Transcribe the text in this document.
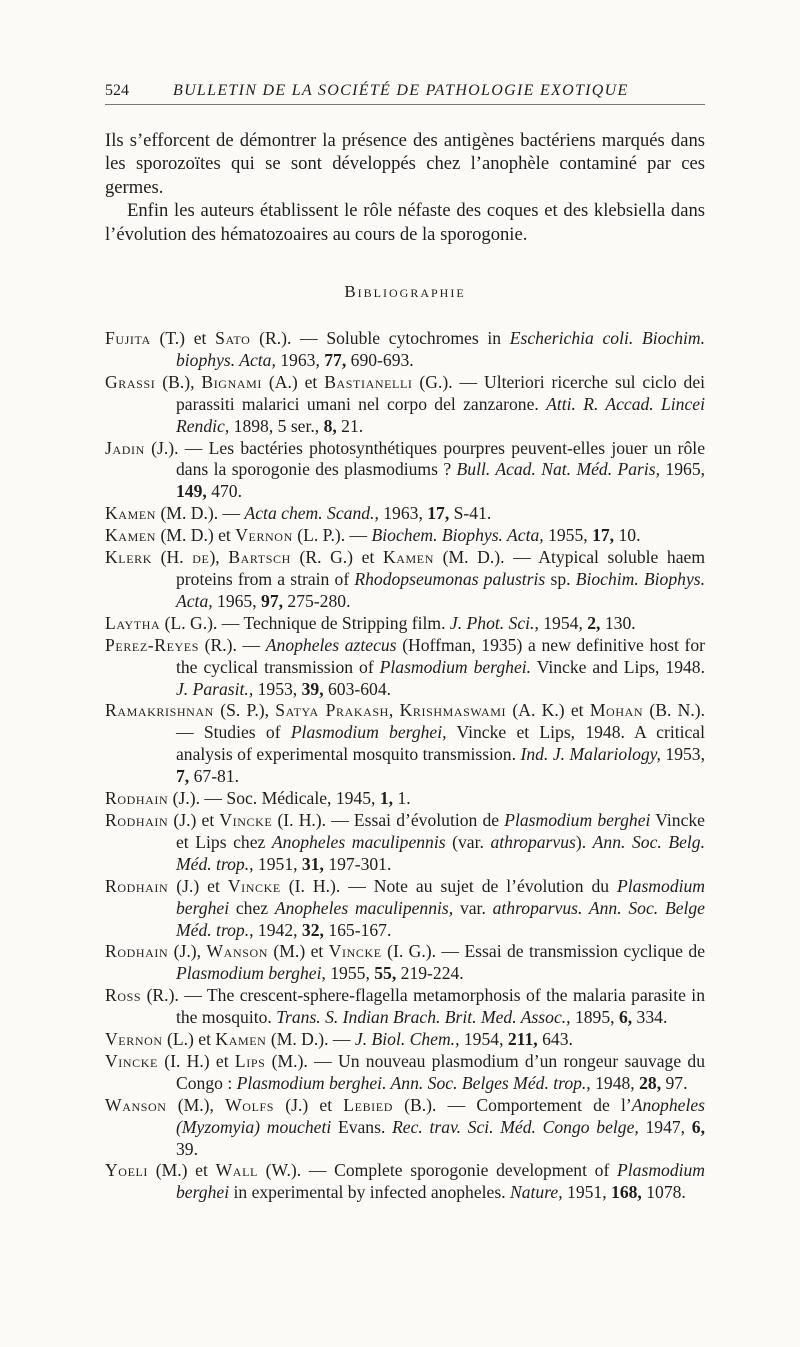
524	BULLETIN DE LA SOCIÉTÉ DE PATHOLOGIE EXOTIQUE

Ils s’efforcent de démontrer la présence des antigènes bactériens marqués dans les sporozoïtes qui se sont développés chez l’anophèle contaminé par ces germes.

Enfin les auteurs établissent le rôle néfaste des coques et des klebsiella dans l’évolution des hématozoaires au cours de la sporogonie.

Bibliographie

Fujita (T.) et Sato (R.). — Soluble cytochromes in Escherichia coli. Biochim. biophys. Acta, 1963, 77, 690-693.

Grassi (B.), Bignami (A.) et Bastianelli (G.). — Ulteriori ricerche sul ciclo dei parassiti malarici umani nel corpo del zanzarone. Atti. R. Accad. Lincei Rendic, 1898, 5 ser., 8, 21.

Jadin (J.). — Les bactéries photosynthétiques pourpres peuvent-elles jouer un rôle dans la sporogonie des plasmodiums ? Bull. Acad. Nat. Méd. Paris, 1965, 149, 470.

Kamen (M. D.). — Acta chem. Scand., 1963, 17, S-41.

Kamen (M. D.) et Vernon (L. P.). — Biochem. Biophys. Acta, 1955, 17, 10.

Klerk (H. de), Bartsch (R. G.) et Kamen (M. D.). — Atypical soluble haem proteins from a strain of Rhodopseumonas palustris sp. Biochim. Biophys. Acta, 1965, 97, 275-280.

Laytha (L. G.). — Technique de Stripping film. J. Phot. Sci., 1954, 2, 130.

Perez-Reyes (R.). — Anopheles aztecus (Hoffman, 1935) a new definitive host for the cyclical transmission of Plasmodium berghei. Vincke and Lips, 1948. J. Parasit., 1953, 39, 603-604.

Ramakrishnan (S. P.), Satya Prakash, Krishmaswami (A. K.) et Mohan (B. N.). — Studies of Plasmodium berghei, Vincke et Lips, 1948. A critical analysis of experimental mosquito transmission. Ind. J. Malariology, 1953, 7, 67-81.

Rodhain (J.). — Soc. Médicale, 1945, 1, 1.

Rodhain (J.) et Vincke (I. H.). — Essai d’évolution de Plasmodium berghei Vincke et Lips chez Anopheles maculipennis (var. athroparvus). Ann. Soc. Belg. Méd. trop., 1951, 31, 197-301.

Rodhain (J.) et Vincke (I. H.). — Note au sujet de l’évolution du Plasmodium berghei chez Anopheles maculipennis, var. athroparvus. Ann. Soc. Belge Méd. trop., 1942, 32, 165-167.

Rodhain (J.), Wanson (M.) et Vincke (I. G.). — Essai de transmission cyclique de Plasmodium berghei, 1955, 55, 219-224.

Ross (R.). — The crescent-sphere-flagella metamorphosis of the malaria parasite in the mosquito. Trans. S. Indian Brach. Brit. Med. Assoc., 1895, 6, 334.

Vernon (L.) et Kamen (M. D.). — J. Biol. Chem., 1954, 211, 643.

Vincke (I. H.) et Lips (M.). — Un nouveau plasmodium d’un rongeur sauvage du Congo : Plasmodium berghei. Ann. Soc. Belges Méd. trop., 1948, 28, 97.

Wanson (M.), Wolfs (J.) et Lebied (B.). — Comportement de l’Anopheles (Myzomyia) moucheti Evans. Rec. trav. Sci. Méd. Congo belge, 1947, 6, 39.

Yoeli (M.) et Wall (W.). — Complete sporogonie development of Plasmodium berghei in experimental by infected anopheles. Nature, 1951, 168, 1078.
